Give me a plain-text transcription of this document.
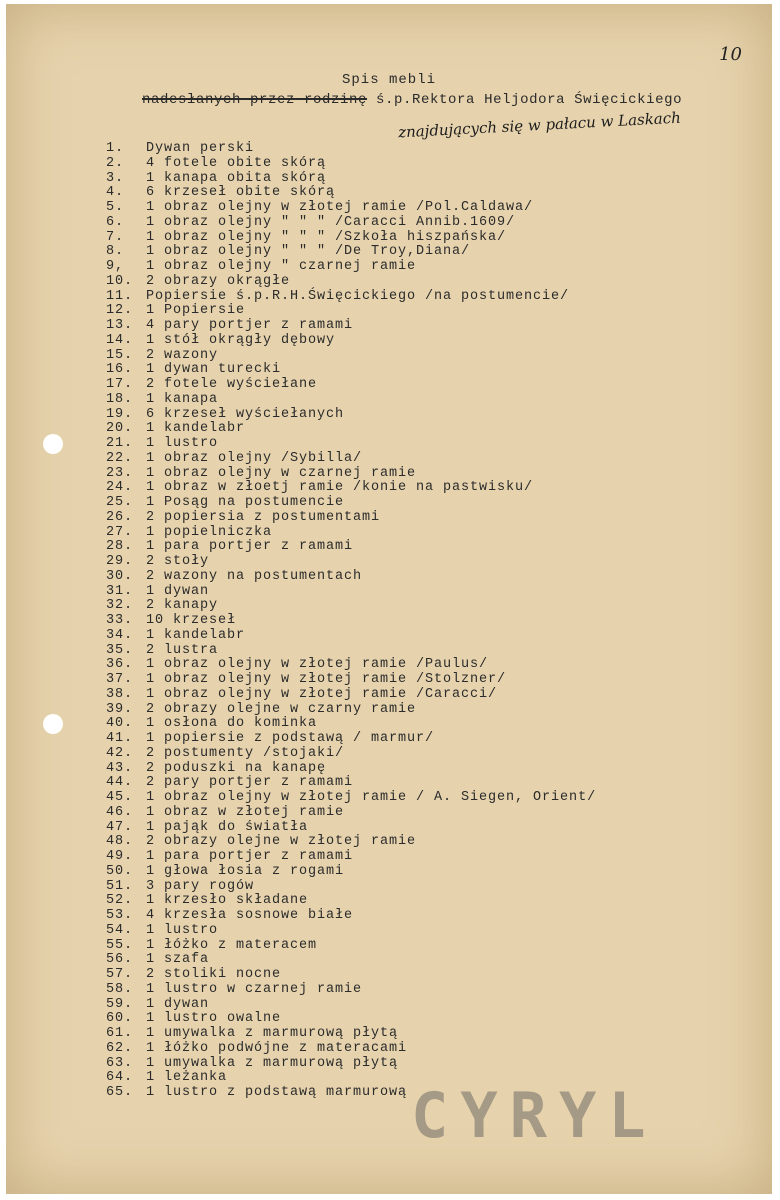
10
Spis mebli
nadesłanych przez rodzinę ś.p.Rektora Heljodora Święcickiego
znajdujących się w pałacu w Laskach
1. Dywan perski
2. 4 fotele obite skórą
3. 1 kanapa obita skórą
4. 6 krzeseł obite skórą
5. 1 obraz olejny w złotej ramie /Pol.Caldawa/
6. 1 obraz olejny " " " /Caracci Annib.1609/
7. 1 obraz olejny " " " /Szkoła hiszpańska/
8. 1 obraz olejny " " " /De Troy,Diana/
9, 1 obraz olejny " czarnej ramie
10. 2 obrazy okrągłe
11. Popiersie ś.p.R.H.Święcickiego /na postumencie/
12. 1 Popiersie
13. 4 pary portjer z ramami
14. 1 stół okrągły dębowy
15. 2 wazony
16. 1 dywan turecki
17. 2 fotele wyściełane
18. 1 kanapa
19. 6 krzeseł wyściełanych
20. 1 kandelabr
21. 1 lustro
22. 1 obraz olejny /Sybilla/
23. 1 obraz olejny w czarnej ramie
24. 1 obraz w złoetj ramie /konie na pastwisku/
25. 1 Posąg na postumencie
26. 2 popiersia z postumentami
27. 1 popielniczka
28. 1 para portjer z ramami
29. 2 stoły
30. 2 wazony na postumentach
31. 1 dywan
32. 2 kanapy
33. 10 krzeseł
34. 1 kandelabr
35. 2 lustra
36. 1 obraz olejny w złotej ramie /Paulus/
37. 1 obraz olejny w złotej ramie /Stolzner/
38. 1 obraz olejny w złotej ramie /Caracci/
39. 2 obrazy olejne w czarny ramie
40. 1 osłona do kominka
41. 1 popiersie z podstawą / marmur/
42. 2 postumenty /stojaki/
43. 2 poduszki na kanapę
44. 2 pary portjer z ramami
45. 1 obraz olejny w złotej ramie / A. Siegen, Orient/
46. 1 obraz w złotej ramie
47. 1 pająk do światła
48. 2 obrazy olejne w złotej ramie
49. 1 para portjer z ramami
50. 1 głowa łosia z rogami
51. 3 pary rogów
52. 1 krzesło składane
53. 4 krzesła sosnowe białe
54. 1 lustro
55. 1 łóżko z materacem
56. 1 szafa
57. 2 stoliki nocne
58. 1 lustro w czarnej ramie
59. 1 dywan
60. 1 lustro owalne
61. 1 umywalka z marmurową płytą
62. 1 łóżko podwójne z materacami
63. 1 umywalka z marmurową płytą
64. 1 leżanka
65. 1 lustro z podstawą marmurową CYRYL
